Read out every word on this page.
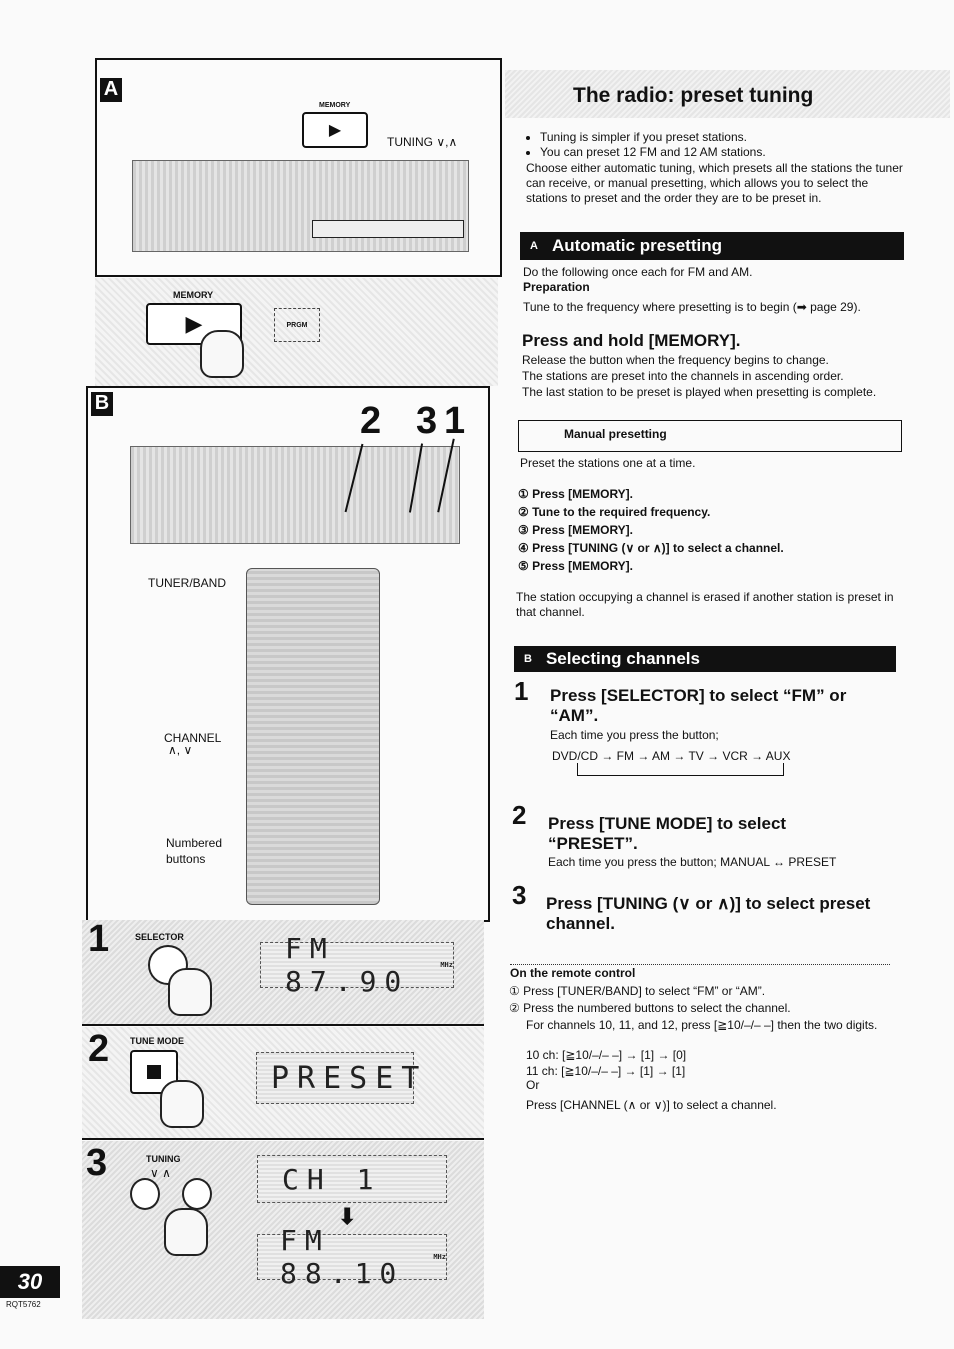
A
MEMORY
▶
TUNING ∨,∧
MEMORY
▶	PRGM
B	2 3 1
TUNER/BAND
CHANNEL
∧, ∨
Numbered
buttons
1	SELECTOR	FM 87.90	MHz
2 TUNE MODE
PRESET
3	TUNING
∨ ∧	CH 1
⬇
FM 88.10	MHz
30
RQT5762
The radio: preset tuning
• Tuning is simpler if you preset stations.
• You can preset 12 FM and 12 AM stations.
Choose either automatic tuning, which presets all the stations the tuner can receive, or manual presetting, which allows you to select the stations to preset and the order they are to be preset in.
A Automatic presetting
Do the following once each for FM and AM.
Preparation
Tune to the frequency where presetting is to begin (➡ page 29).
Press and hold [MEMORY].
Release the button when the frequency begins to change.
The stations are preset into the channels in ascending order.
The last station to be preset is played when presetting is complete.
Manual presetting
Preset the stations one at a time.
① Press [MEMORY].
② Tune to the required frequency.
③ Press [MEMORY].
④ Press [TUNING (∨ or ∧)] to select a channel.
⑤ Press [MEMORY].
The station occupying a channel is erased if another station is preset in that channel.
B Selecting channels
1 Press [SELECTOR] to select “FM” or “AM”.
Each time you press the button;
DVD/CD → FM → AM → TV → VCR → AUX
2 Press [TUNE MODE] to select “PRESET”.
Each time you press the button; MANUAL ↔ PRESET
3 Press [TUNING (∨ or ∧)] to select preset channel.
On the remote control
① Press [TUNER/BAND] to select “FM” or “AM”.
② Press the numbered buttons to select the channel.
For channels 10, 11, and 12, press [≧10/–/– –] then the two digits.
10 ch: [≧10/–/– –] → [1] → [0]
11 ch: [≧10/–/– –] → [1] → [1]
Or
Press [CHANNEL (∧ or ∨)] to select a channel.
